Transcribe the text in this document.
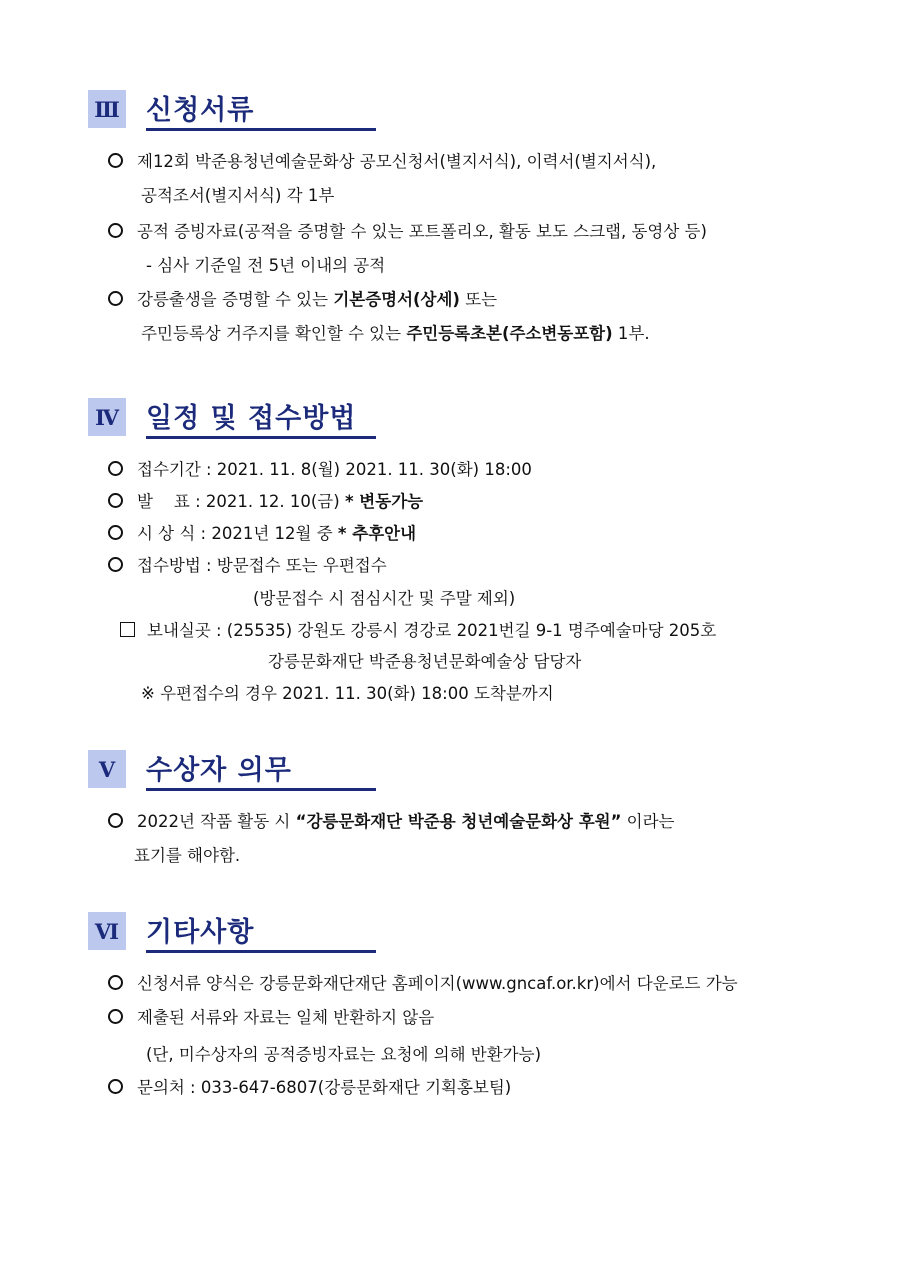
Ⅲ 신청서류
제12회 박준용청년예술문화상 공모신청서(별지서식), 이력서(별지서식),
공적조서(별지서식) 각 1부
공적 증빙자료(공적을 증명할 수 있는 포트폴리오, 활동 보도 스크랩, 동영상 등)
- 심사 기준일 전 5년 이내의 공적
강릉출생을 증명할 수 있는 기본증명서(상세) 또는
주민등록상 거주지를 확인할 수 있는 주민등록초본(주소변동포함) 1부.
Ⅳ 일정 및 접수방법
접수기간 : 2021. 11. 8(월) 2021. 11. 30(화) 18:00
발    표 : 2021. 12. 10(금) * 변동가능
시 상 식 : 2021년 12월 중 * 추후안내
접수방법 : 방문접수 또는 우편접수
(방문접수 시 점심시간 및 주말 제외)
보내실곳 : (25535) 강원도 강릉시 경강로 2021번길 9-1 명주예술마당 205호
강릉문화재단 박준용청년문화예술상 담당자
※ 우편접수의 경우 2021. 11. 30(화) 18:00 도착분까지
Ⅴ	수상자 의무
2022년 작품 활동 시 “강릉문화재단 박준용 청년예술문화상 후원” 이라는
표기를 해야함.
Ⅵ 기타사항
신청서류 양식은 강릉문화재단재단 홈페이지(www.gncaf.or.kr)에서 다운로드 가능
제출된 서류와 자료는 일체 반환하지 않음
(단, 미수상자의 공적증빙자료는 요청에 의해 반환가능)
문의처 : 033-647-6807(강릉문화재단 기획홍보팀)
